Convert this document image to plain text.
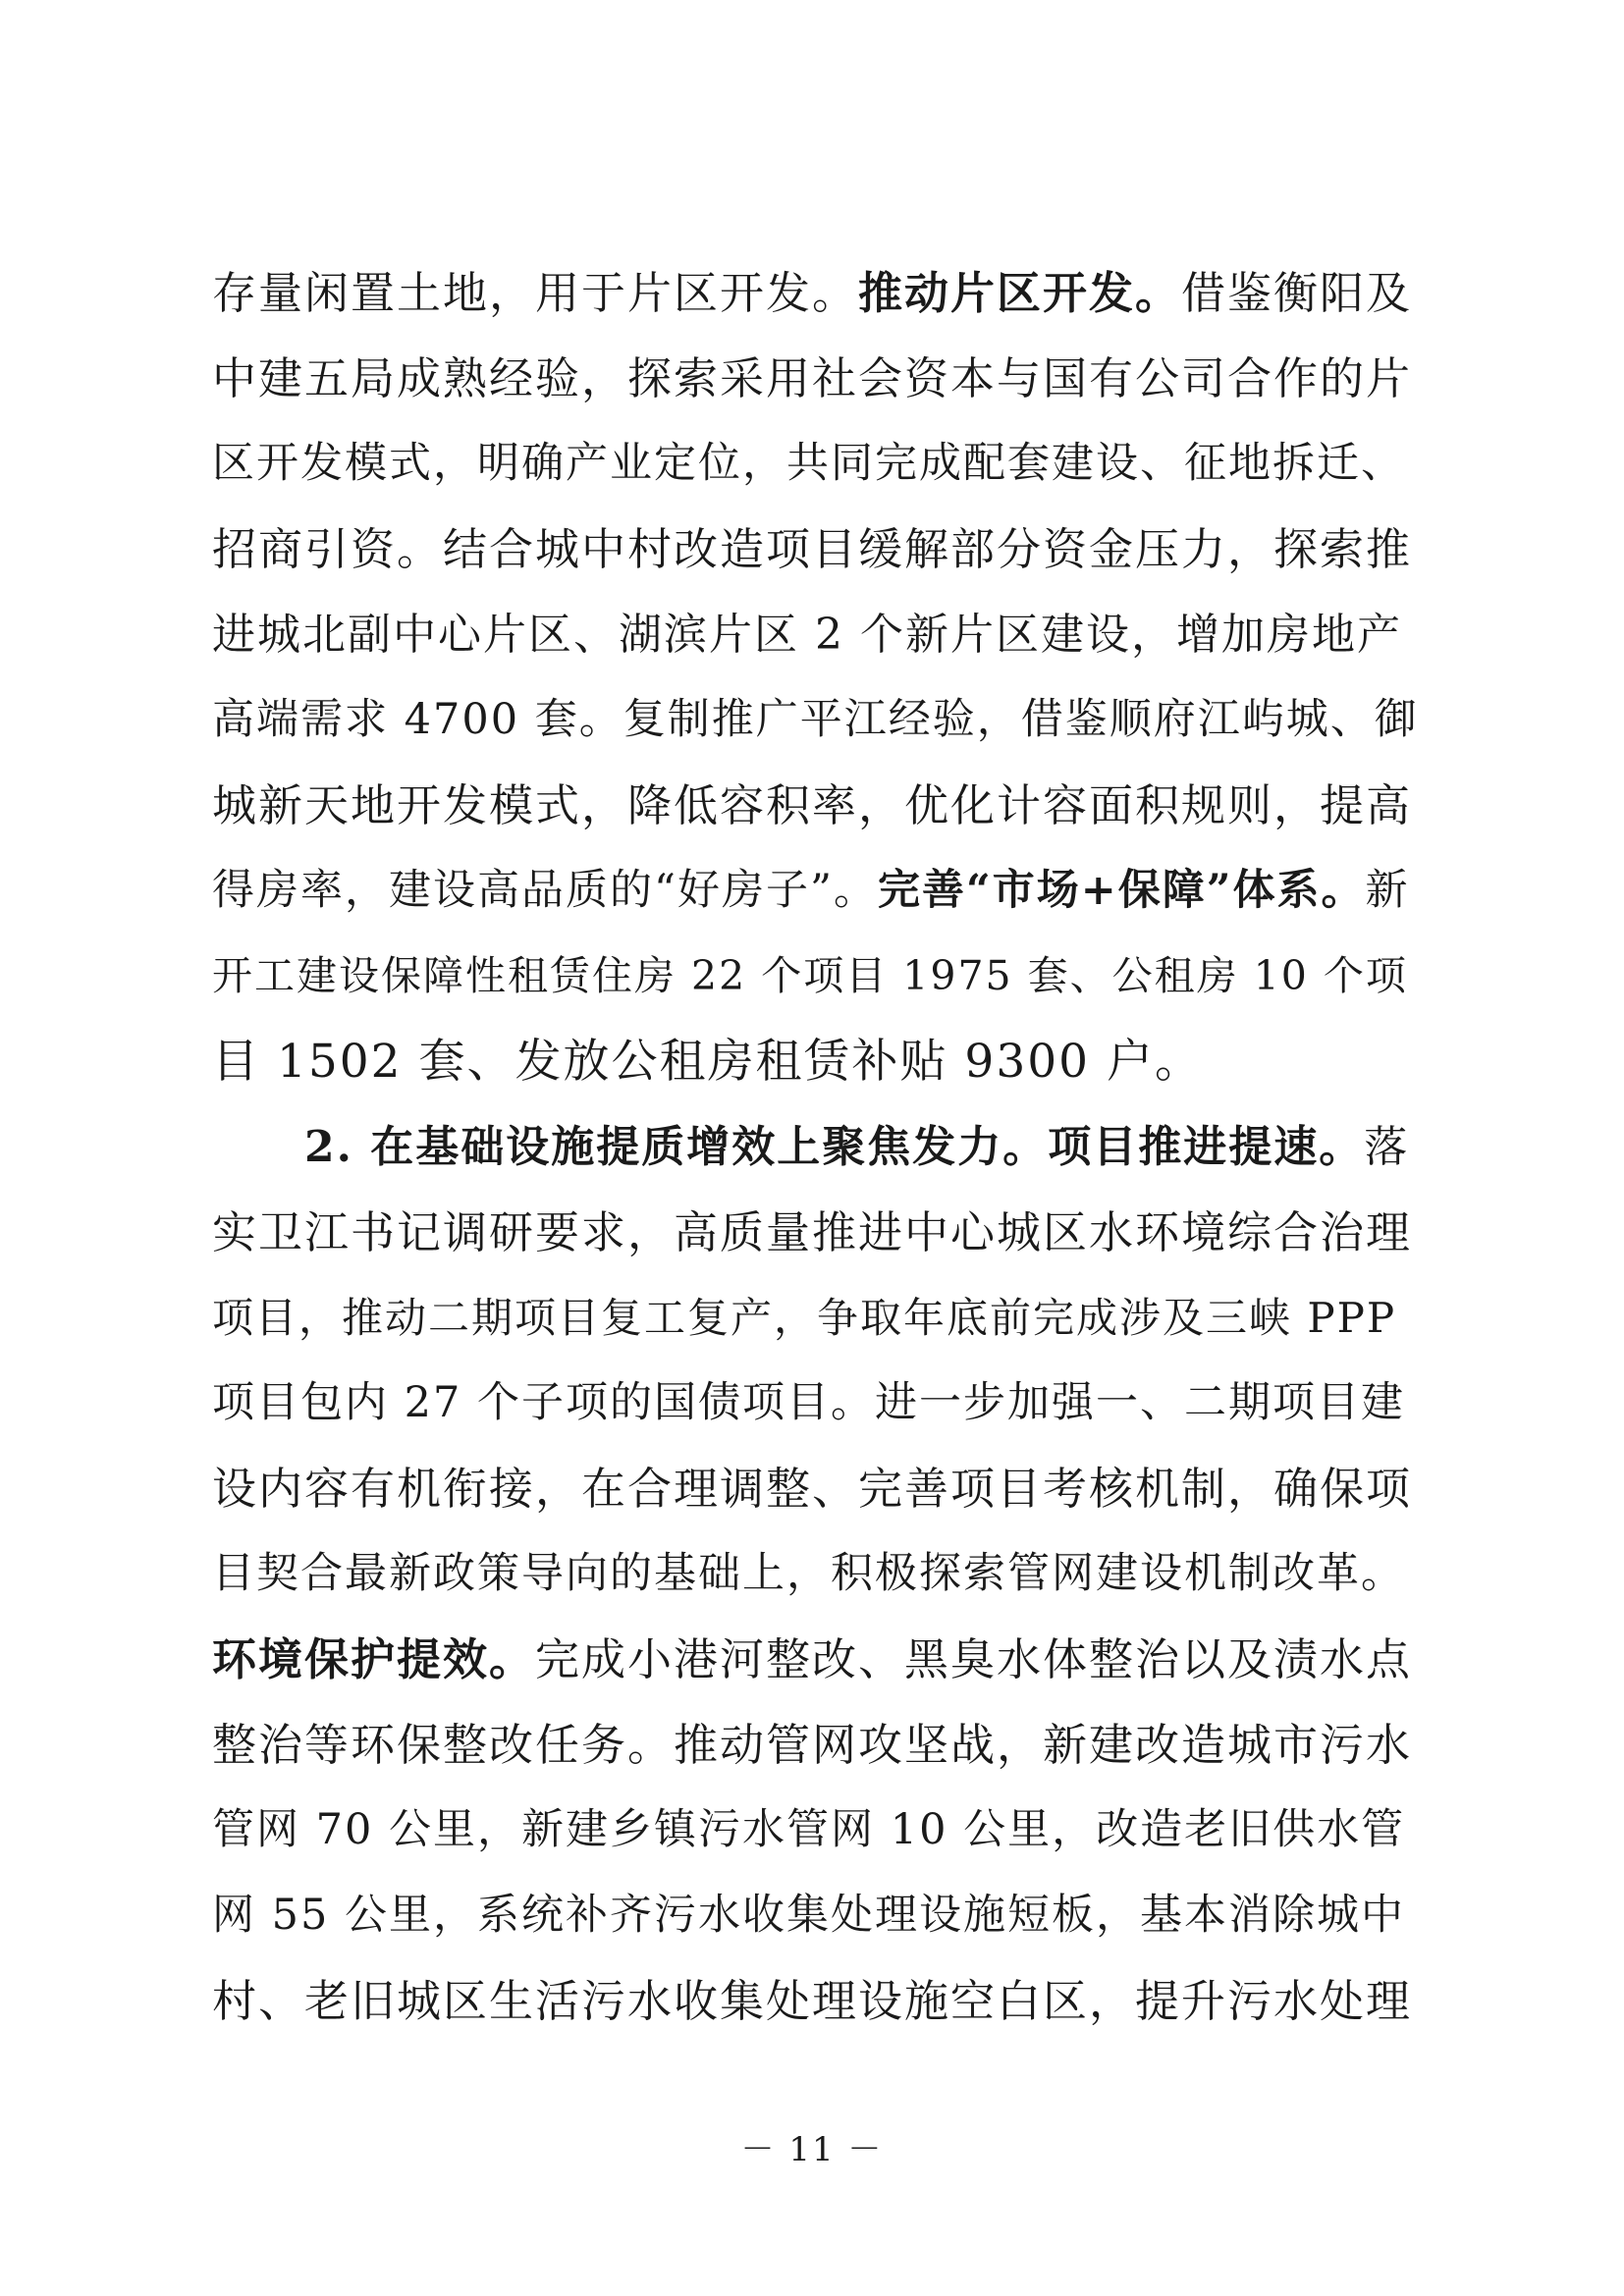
存量闲置土地，用于片区开发。推动片区开发。借鉴衡阳及
中建五局成熟经验，探索采用社会资本与国有公司合作的片
区开发模式，明确产业定位，共同完成配套建设、征地拆迁、
招商引资。结合城中村改造项目缓解部分资金压力，探索推
进城北副中心片区、湖滨片区 2 个新片区建设，增加房地产
高端需求 4700 套。复制推广平江经验，借鉴顺府江屿城、御
城新天地开发模式，降低容积率，优化计容面积规则，提高
得房率，建设高品质的“好房子”。完善“市场+保障”体系。新
开工建设保障性租赁住房 22 个项目 1975 套、公租房 10 个项
目 1502 套、发放公租房租赁补贴 9300 户。
2. 在基础设施提质增效上聚焦发力。项目推进提速。落
实卫江书记调研要求，高质量推进中心城区水环境综合治理
项目，推动二期项目复工复产，争取年底前完成涉及三峡 PPP
项目包内 27 个子项的国债项目。进一步加强一、二期项目建
设内容有机衔接，在合理调整、完善项目考核机制，确保项
目契合最新政策导向的基础上，积极探索管网建设机制改革。
环境保护提效。完成小港河整改、黑臭水体整治以及渍水点
整治等环保整改任务。推动管网攻坚战，新建改造城市污水
管网 70 公里，新建乡镇污水管网 10 公里，改造老旧供水管
网 55 公里，系统补齐污水收集处理设施短板，基本消除城中
村、老旧城区生活污水收集处理设施空白区，提升污水处理
－ 11 －
